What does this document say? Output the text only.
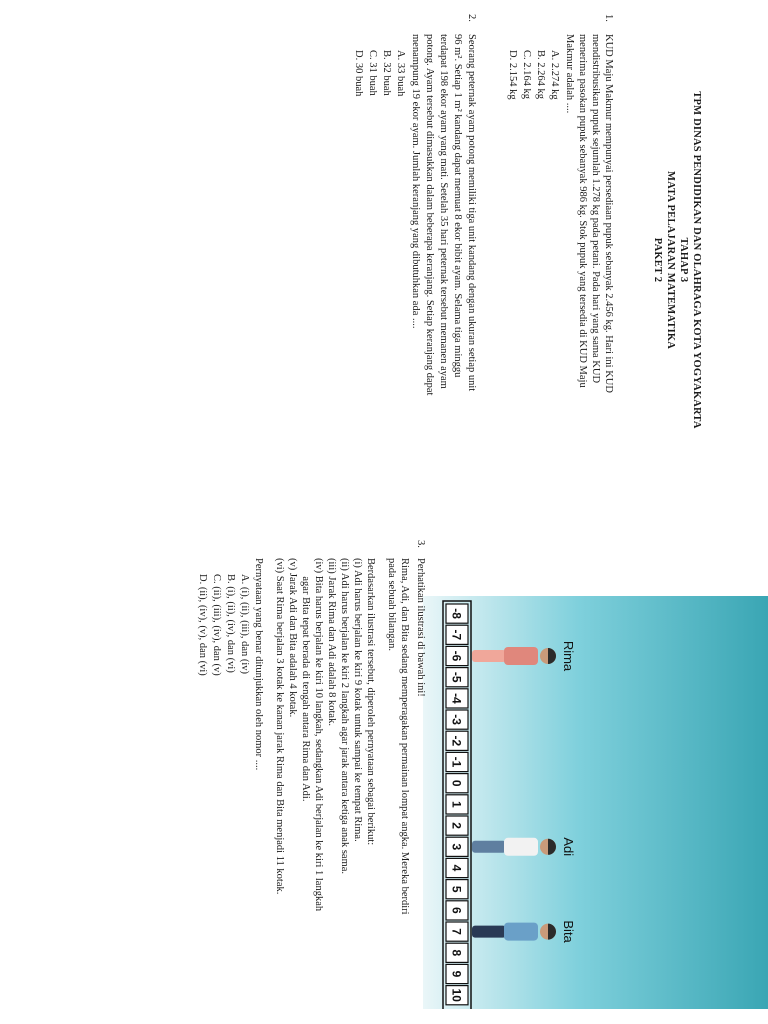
TPM DINAS PENDIDIKAN DAN OLAHRAGA KOTA YOGYAKARTA
TAHAP 3
MATA PELAJARAN MATEMATIKA
PAKET 2
1.
KUD Maju Makmur mempunyai persediaan pupuk sebanyak 2.456 kg. Hari ini KUD
mendistribusikan pupuk sejumlah 1.278 kg pada petani. Pada hari yang sama KUD
menerima pasokan pupuk sebanyak 986 kg. Stok pupuk yang tersedia di KUD Maju
Makmur adalah ....
A. 2.274 kg
B. 2.264 kg
C. 2.164 kg
D. 2.154 kg
2.
Seorang peternak ayam potong memiliki tiga unit kandang dengan ukuran setiap unit
96 m². Setiap 1 m² kandang dapat memuat 8 ekor bibit ayam. Selama tiga minggu
terdapat 198 ekor ayam yang mati. Setelah 35 hari peternak tersebut memanen ayam
potong. Ayam tersebut dimasukkan dalam beberapa keranjang. Setiap keranjang dapat
menampung 19 ekor ayam. Jumlah keranjang yang dibutuhkan ada ....
A. 33 buah
B. 32 buah
C. 31 buah
D. 30 buah
3.
-8
-7
-6
-5
-4
-3
-2
-1
0
1
2
3
4
5
6
7
8
9
10
Rima
Adi
Bita
Perhatikan ilustrasi di bawah ini!
Rima, Adi, dan Bita sedang memperagakan permainan lompat angka. Mereka berdiri
pada sebuah bilangan.
Berdasarkan ilustrasi tersebut, diperoleh pernyataan sebagai berikut:
(i) Adi harus berjalan ke kiri 9 kotak untuk sampai ke tempat Rima.
(ii) Adi harus berjalan ke kiri 2 langkah agar jarak antara ketiga anak sama.
(iii) Jarak Rima dan Adi adalah 8 kotak.
(iv) Bita harus berjalan ke kiri 10 langkah, sedangkan Adi berjalan ke kiri 1 langkah
agar Bita tepat berada di tengah antara Rima dan Adi.
(v) Jarak Adi dan Bita adalah 4 kotak.
(vi) Saat Rima berjalan 3 kotak ke kanan jarak Rima dan Bita menjadi 11 kotak.
Pernyataan yang benar ditunjukkan oleh nomor ....
A. (i), (ii), (iii), dan (iv)
B. (i), (ii), (iv), dan (vi)
C. (ii), (iii), (iv), dan (v)
D. (ii), (iv), (v), dan (vi)
